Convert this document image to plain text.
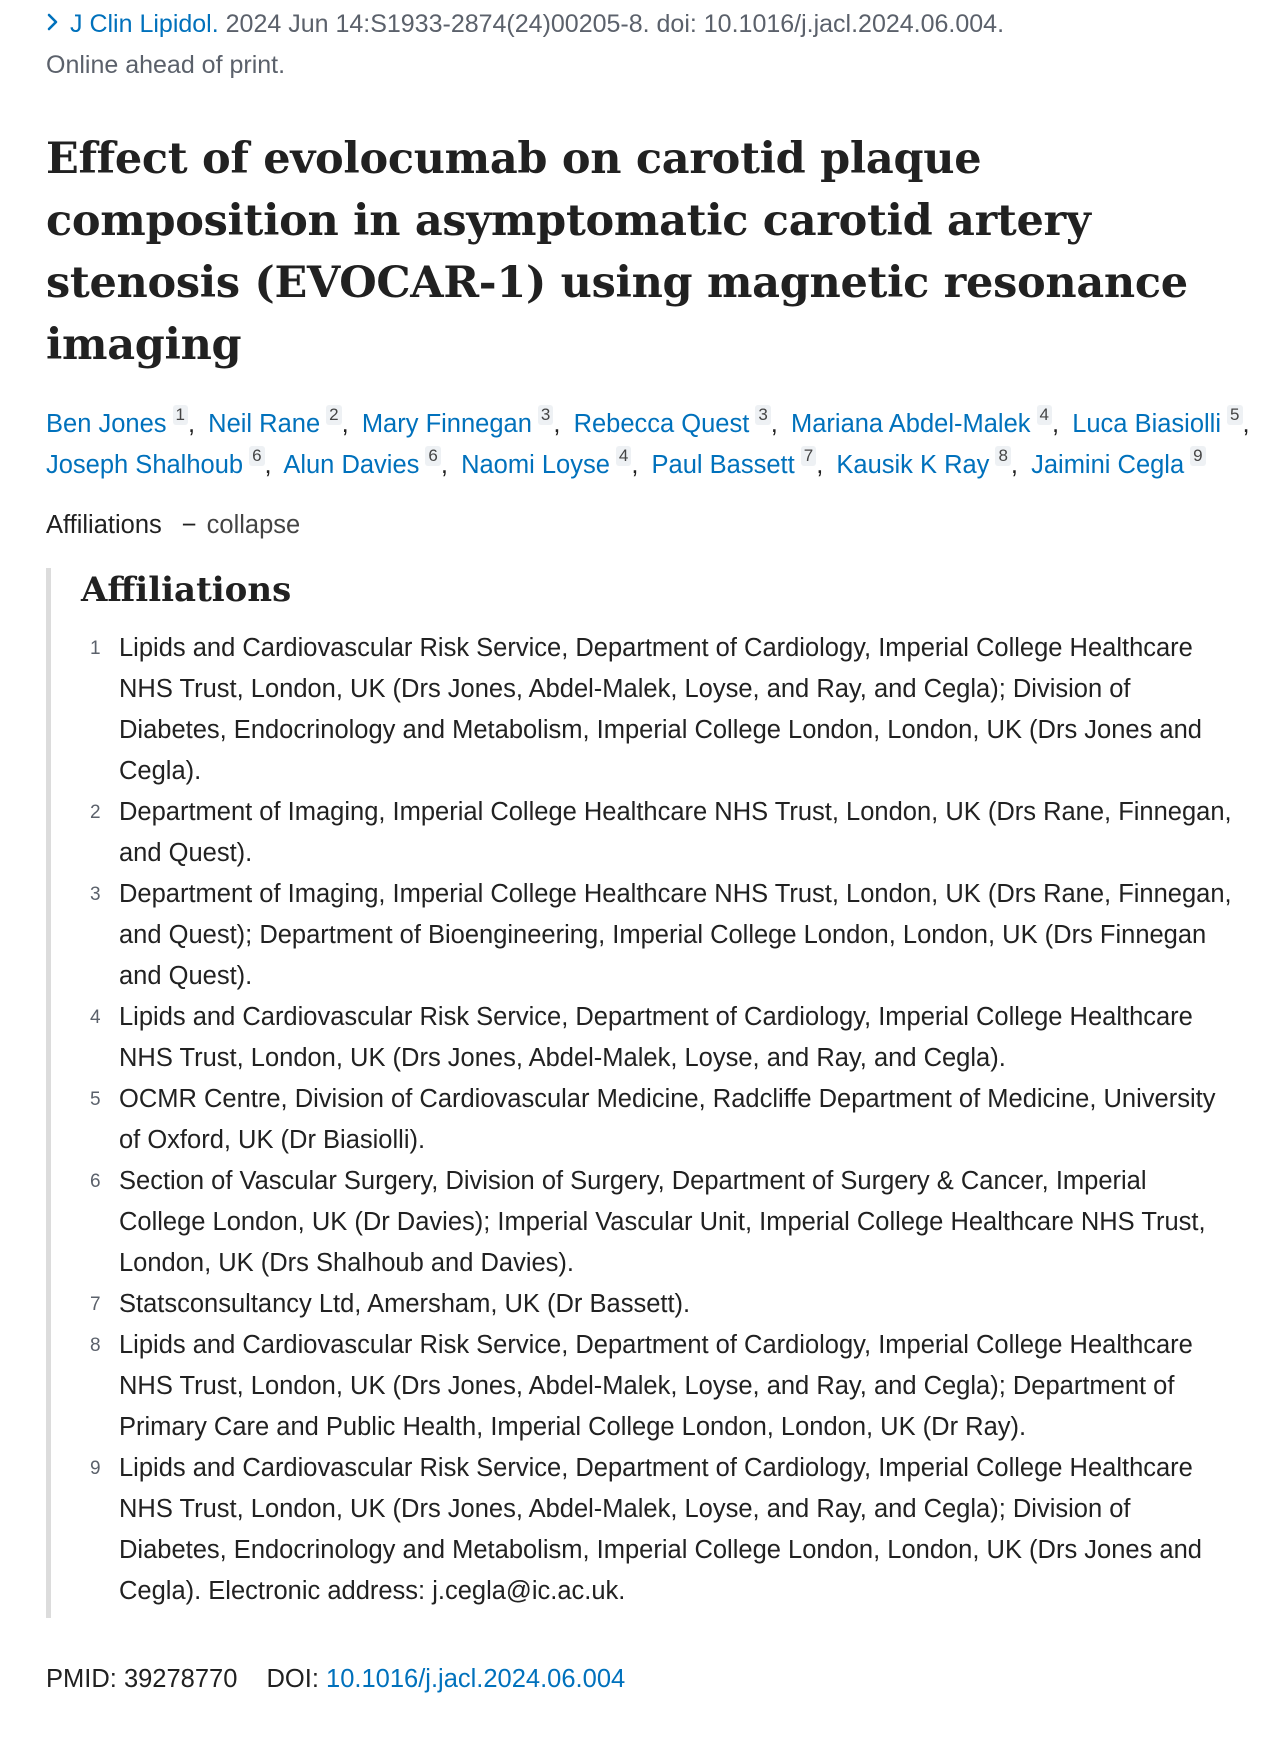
J Clin Lipidol. 2024 Jun 14:S1933-2874(24)00205-8. doi: 10.1016/j.jacl.2024.06.004.
Online ahead of print.
Effect of evolocumab on carotid plaque composition in asymptomatic carotid artery stenosis (EVOCAR-1) using magnetic resonance imaging
Ben Jones 1 , Neil Rane 2 , Mary Finnegan 3 , Rebecca Quest 3 , Mariana Abdel-Malek 4 , Luca Biasiolli 5 , Joseph Shalhoub 6 , Alun Davies 6 , Naomi Loyse 4 , Paul Bassett 7 , Kausik K Ray 8 , Jaimini Cegla 9
Affiliations − collapse
Affiliations
1 Lipids and Cardiovascular Risk Service, Department of Cardiology, Imperial College Healthcare NHS Trust, London, UK (Drs Jones, Abdel-Malek, Loyse, and Ray, and Cegla); Division of Diabetes, Endocrinology and Metabolism, Imperial College London, London, UK (Drs Jones and Cegla).
2 Department of Imaging, Imperial College Healthcare NHS Trust, London, UK (Drs Rane, Finnegan, and Quest).
3 Department of Imaging, Imperial College Healthcare NHS Trust, London, UK (Drs Rane, Finnegan, and Quest); Department of Bioengineering, Imperial College London, London, UK (Drs Finnegan and Quest).
4 Lipids and Cardiovascular Risk Service, Department of Cardiology, Imperial College Healthcare NHS Trust, London, UK (Drs Jones, Abdel-Malek, Loyse, and Ray, and Cegla).
5 OCMR Centre, Division of Cardiovascular Medicine, Radcliffe Department of Medicine, University of Oxford, UK (Dr Biasiolli).
6 Section of Vascular Surgery, Division of Surgery, Department of Surgery & Cancer, Imperial College London, UK (Dr Davies); Imperial Vascular Unit, Imperial College Healthcare NHS Trust, London, UK (Drs Shalhoub and Davies).
7 Statsconsultancy Ltd, Amersham, UK (Dr Bassett).
8 Lipids and Cardiovascular Risk Service, Department of Cardiology, Imperial College Healthcare NHS Trust, London, UK (Drs Jones, Abdel-Malek, Loyse, and Ray, and Cegla); Department of Primary Care and Public Health, Imperial College London, London, UK (Dr Ray).
9 Lipids and Cardiovascular Risk Service, Department of Cardiology, Imperial College Healthcare NHS Trust, London, UK (Drs Jones, Abdel-Malek, Loyse, and Ray, and Cegla); Division of Diabetes, Endocrinology and Metabolism, Imperial College London, London, UK (Drs Jones and Cegla). Electronic address: j.cegla@ic.ac.uk.
PMID: 39278770 DOI: 10.1016/j.jacl.2024.06.004
